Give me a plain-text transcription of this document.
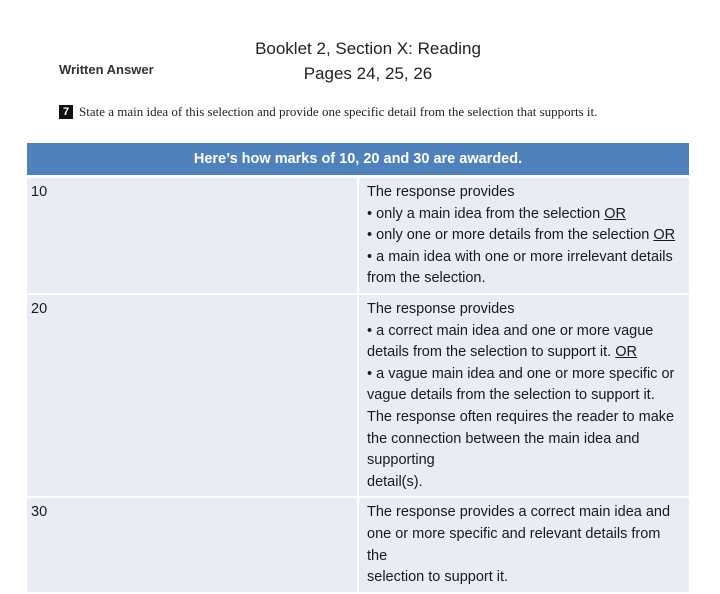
Booklet 2, Section X: Reading
Pages 24, 25, 26
Written Answer
7 State a main idea of this selection and provide one specific detail from the selection that supports it.
Here’s how marks of 10, 20 and 30 are awarded.	
10	The response provides
• only a main idea from the selection OR
• only one or more details from the selection OR
• a main idea with one or more irrelevant details from the selection.

20	The response provides
• a correct main idea and one or more vague details from the selection to support it. OR
• a vague main idea and one or more specific or vague details from the selection to support it.
The response often requires the reader to make the connection between the main idea and supporting
detail(s).

30	The response provides a correct main idea and one or more specific and relevant details from the
selection to support it.
